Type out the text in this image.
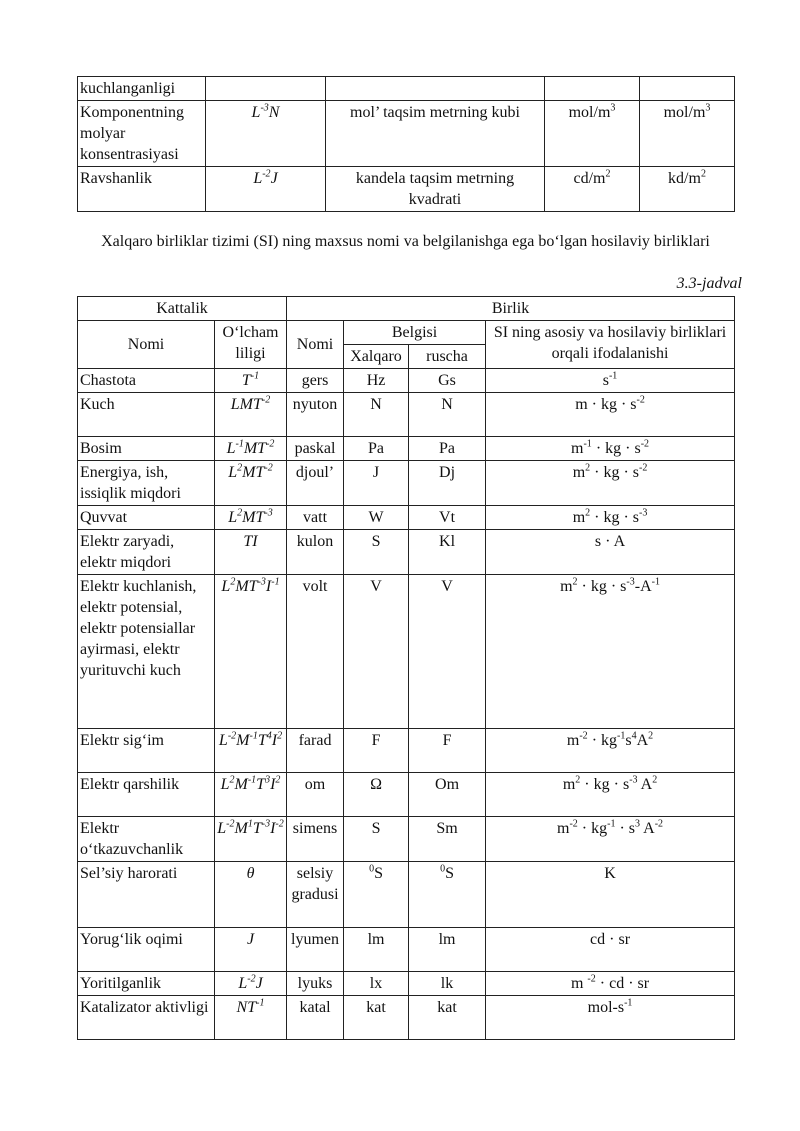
kuchlanganligi				
Komponentning molyar konsentrasiyasi	$L^{-3}N$	mol’ taqsim metrning kubi	mol/$m^3$	mol/$m^3$
Ravshanlik	$L^{-2}J$	kandela taqsim metrning kvadrati	$cd/m^2$	$kd/m^2$
Xalqaro birliklar tizimi (SI) ning maxsus nomi va belgilanishga ega bo‘lgan hosilaviy birliklari
3.3-jadval
Kattalik		Birlik			
Nomi	O‘lcham liligi	Nomi	Belgisi		SI ning asosiy va hosilaviy birliklari orqali ifodalanishi
			Xalqaro	ruscha	
Chastota	$T^{-1}$	gers	Hz	Gs	$s^{-1}$
Kuch	$LMT^{-2}$	nyuton	N	N	m · kg · $s^{-2}$
Bosim	$L^{-1}MT^{-2}$	paskal	Pa	Pa	$m^{-1}$ · kg · $s^{-2}$
Energiya, ish, issiqlik miqdori	$L^2MT^{-2}$	djoul’	J	Dj	$m^2$ · kg · $s^{-2}$
Quvvat	$L^2MT^{-3}$	vatt	W	Vt	$m^2$ · kg · $s^{-3}$
Elektr zaryadi, elektr miqdori	TI	kulon	S	Kl	s · A
Elektr kuchlanish, elektr potensial, elektr potensiallar ayirmasi, elektr yurituvchi kuch	$L^2MT^{-3}I^{-1}$	volt	V	V	$m^2$ · kg · $s^{-3}-A^{-1}$
Elektr sig‘im	$L^{-2}M^{-1}T^4I^2$	farad	F	F	$m^{-2} \cdot kg^{-1}s^4A^2$
Elektr qarshilik	$L^2M^{-1}T^3I^2$	om	Ω	Om	$m^2$ · kg · $s^{-3}$ $A^2$
Elektr o‘tkazuvchanlik	$L^{-2}M^1T^{-3}I^{-2}$	simens	S	Sm	$m^{-2} \cdot kg^{-1} \cdot s^3$ $A^{-2}$
Sel’siy harorati	θ	selsiy gradusi	$^0$S	$^0$S	K
Yorug‘lik oqimi	J	lyumen	lm	lm	cd · sr
Yoritilganlik	$L^{-2}J$	lyuks	lx	lk	m $^{-2}$ · cd · sr
Katalizator aktivligi	$NT^{-1}$	katal	kat	kat	mol-$s^{-1}$
